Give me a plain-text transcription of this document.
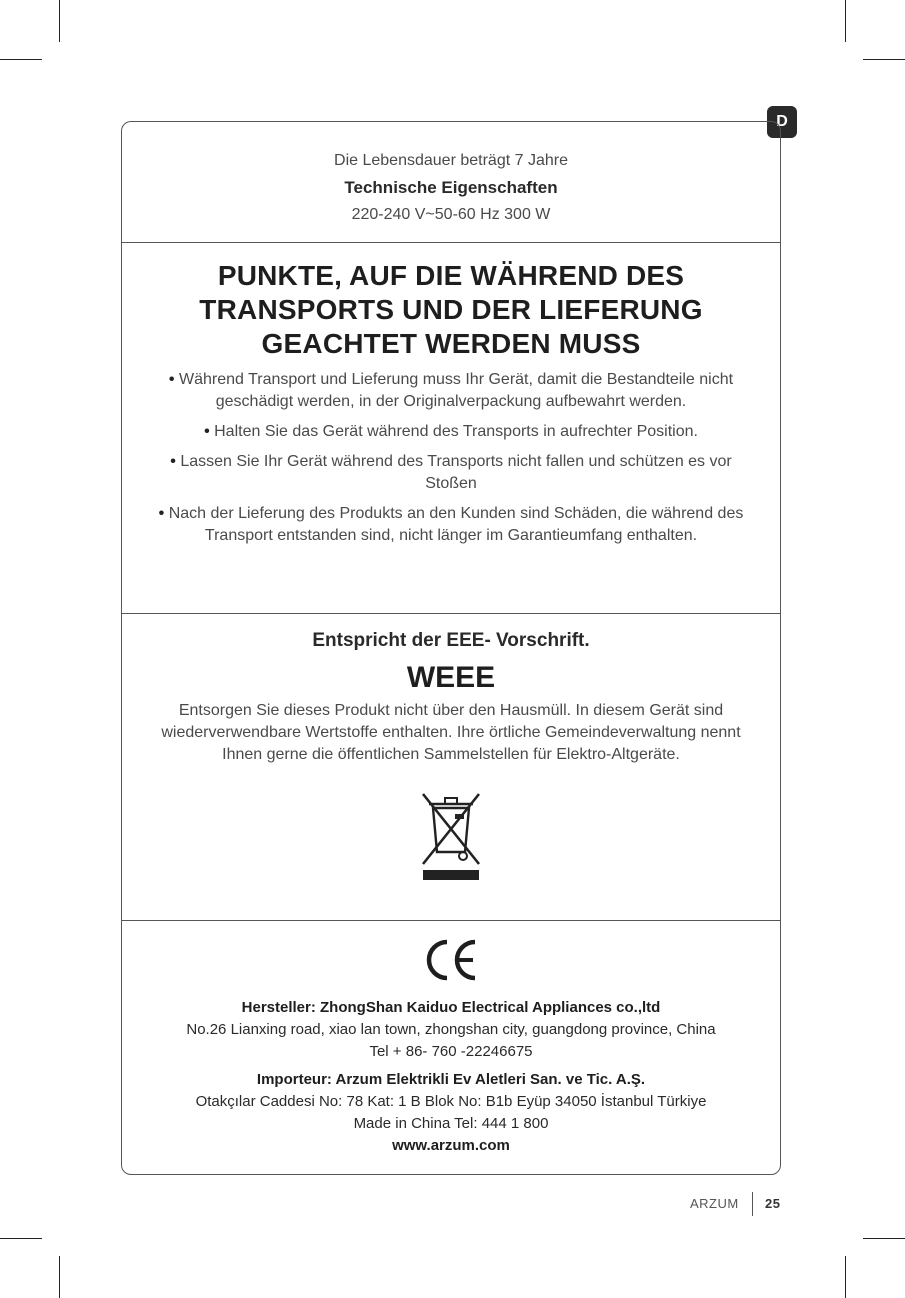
D
Die Lebensdauer beträgt 7 Jahre
Technische Eigenschaften
220-240 V~50-60 Hz 300 W
PUNKTE, AUF DIE WÄHREND DES
TRANSPORTS UND DER LIEFERUNG
GEACHTET WERDEN MUSS

• Während Transport und Lieferung muss Ihr Gerät, damit die Bestandteile nicht geschädigt werden, in der Originalverpackung aufbewahrt werden.

• Halten Sie das Gerät während des Transports in aufrechter Position.

• Lassen Sie Ihr Gerät während des Transports nicht fallen und schützen es vor Stoßen

• Nach der Lieferung des Produkts an den Kunden sind Schäden, die während des Transport entstanden sind, nicht länger im Garantieumfang enthalten.

Entspricht der EEE- Vorschrift.
WEEE
Entsorgen Sie dieses Produkt nicht über den Hausmüll. In diesem Gerät sind wiederverwendbare Wertstoffe enthalten. Ihre örtliche Gemeindeverwaltung nennt Ihnen gerne die öffentlichen Sammelstellen für Elektro-Altgeräte.
Hersteller: ZhongShan Kaiduo Electrical Appliances co.,ltd
No.26 Lianxing road, xiao lan town, zhongshan city, guangdong province, China
Tel + 86- 760 -22246675
Importeur: Arzum Elektrikli Ev Aletleri San. ve Tic. A.Ş.
Otakçılar Caddesi No: 78 Kat: 1 B Blok No: B1b Eyüp 34050 İstanbul Türkiye
Made in China Tel: 444 1 800
www.arzum.com
ARZUM 25
